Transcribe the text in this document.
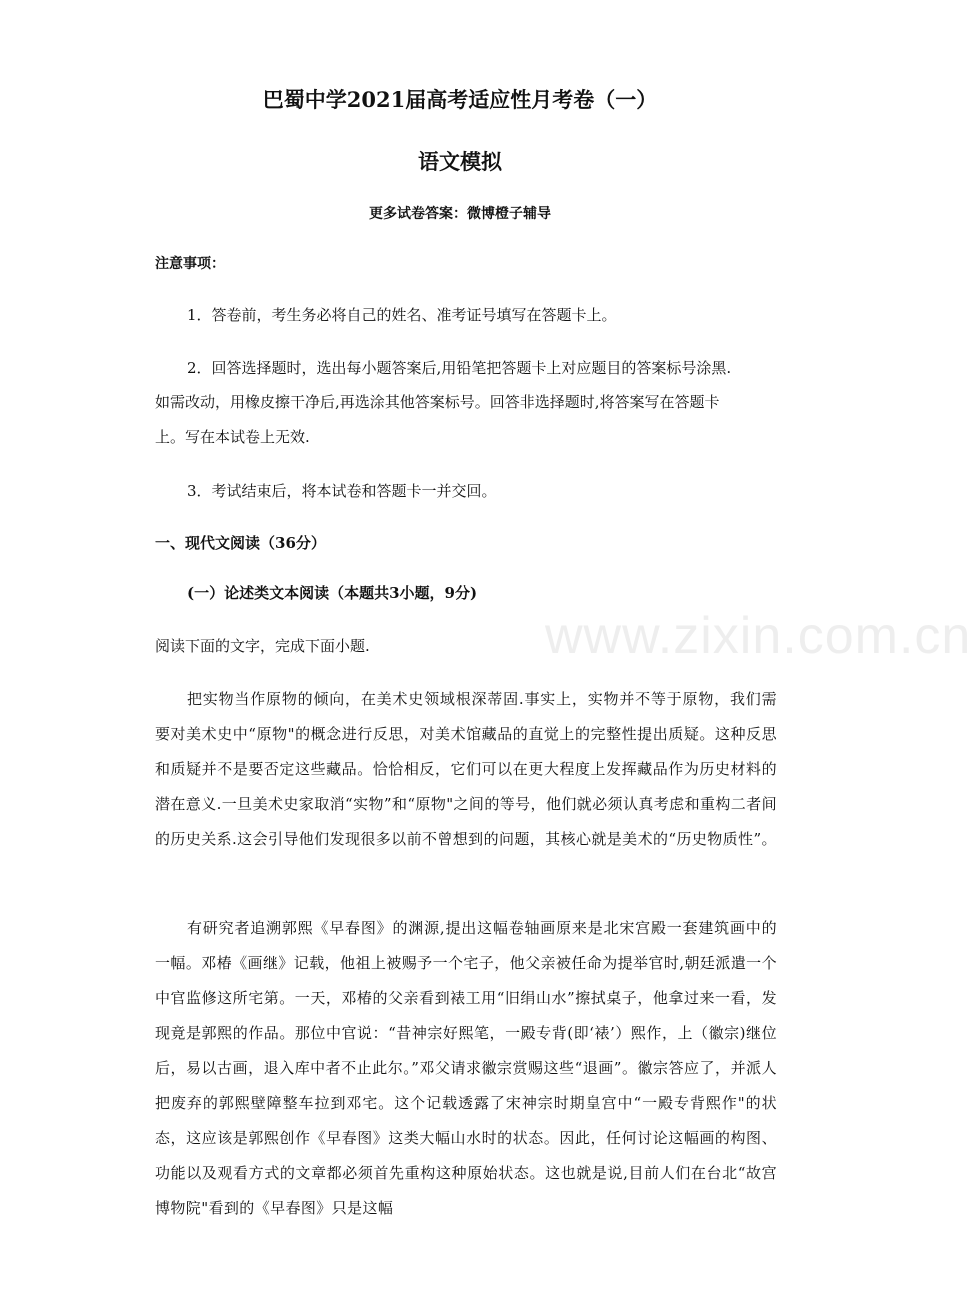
www.zixin.com.cn
巴蜀中学2021届高考适应性月考卷（一）
语文模拟
更多试卷答案：微博橙子辅导
注意事项：
1．答卷前，考生务必将自己的姓名、准考证号填写在答题卡上。
2．回答选择题时，选出每小题答案后,用铅笔把答题卡上对应题目的答案标号涂黑.
如需改动，用橡皮擦干净后,再选涂其他答案标号。回答非选择题时,将答案写在答题卡
上。写在本试卷上无效.
3．考试结束后，将本试卷和答题卡一并交回。
一、现代文阅读（36分）
(一）论述类文本阅读（本题共3小题，9分)
阅读下面的文字，完成下面小题.

把实物当作原物的倾向，在美术史领域根深蒂固.事实上，实物并不等于原物，我们需要对美术史中“原物"的概念进行反思，对美术馆藏品的直觉上的完整性提出质疑。这种反思和质疑并不是要否定这些藏品。恰恰相反，它们可以在更大程度上发挥藏品作为历史材料的潜在意义.一旦美术史家取消“实物”和“原物"之间的等号，他们就必须认真考虑和重构二者间的历史关系.这会引导他们发现很多以前不曾想到的问题，其核心就是美术的“历史物质性”。

有研究者追溯郭熙《早春图》的渊源,提出这幅卷轴画原来是北宋宫殿一套建筑画中的一幅。邓椿《画继》记载，他祖上被赐予一个宅子，他父亲被任命为提举官时,朝廷派遣一个中官监修这所宅第。一天，邓椿的父亲看到裱工用“旧绢山水”擦拭桌子，他拿过来一看，发现竟是郭熙的作品。那位中官说：“昔神宗好熙笔，一殿专背(即‘裱’）熙作，上（徽宗)继位后，易以古画，退入库中者不止此尔。”邓父请求徽宗赏赐这些“退画”。徽宗答应了，并派人把废弃的郭熙壁障整车拉到邓宅。这个记载透露了宋神宗时期皇宫中“一殿专背熙作"的状态，这应该是郭熙创作《早春图》这类大幅山水时的状态。因此，任何讨论这幅画的构图、功能以及观看方式的文章都必须首先重构这种原始状态。这也就是说,目前人们在台北“故宫博物院"看到的《早春图》只是这幅
